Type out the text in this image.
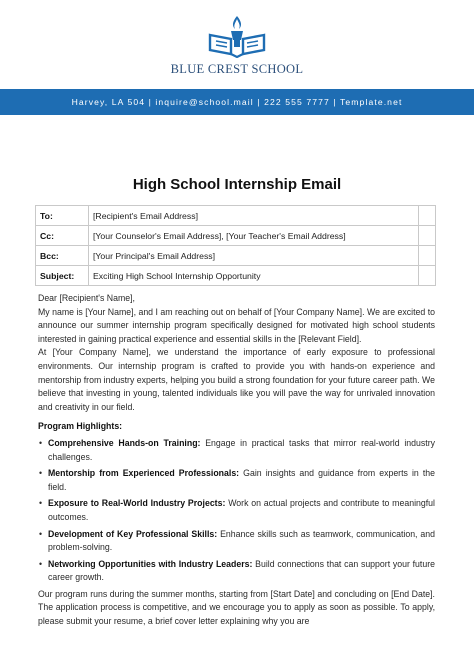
BLUE CREST SCHOOL
Harvey, LA 504 | inquire@school.mail | 222 555 7777 | Template.net
High School Internship Email
To:	[Recipient's Email Address]	
Cc:	[Your Counselor's Email Address], [Your Teacher's Email Address]	
Bcc:	[Your Principal's Email Address]	
Subject:	Exciting High School Internship Opportunity	

Dear [Recipient's Name],

My name is [Your Name], and I am reaching out on behalf of [Your Company Name]. We are excited to announce our summer internship program specifically designed for motivated high school students interested in gaining practical experience and essential skills in the [Relevant Field].

At [Your Company Name], we understand the importance of early exposure to professional environments. Our internship program is crafted to provide you with hands-on experience and mentorship from industry experts, helping you build a strong foundation for your future career path. We believe that investing in young, talented individuals like you will pave the way for unrivaled innovation and creativity in our field.

Program Highlights:
• Comprehensive Hands-on Training: Engage in practical tasks that mirror real-world industry challenges.
• Mentorship from Experienced Professionals: Gain insights and guidance from experts in the field.
• Exposure to Real-World Industry Projects: Work on actual projects and contribute to meaningful outcomes.
• Development of Key Professional Skills: Enhance skills such as teamwork, communication, and problem-solving.
• Networking Opportunities with Industry Leaders: Build connections that can support your future career growth.

Our program runs during the summer months, starting from [Start Date] and concluding on [End Date]. The application process is competitive, and we encourage you to apply as soon as possible. To apply, please submit your resume, a brief cover letter explaining why you are
